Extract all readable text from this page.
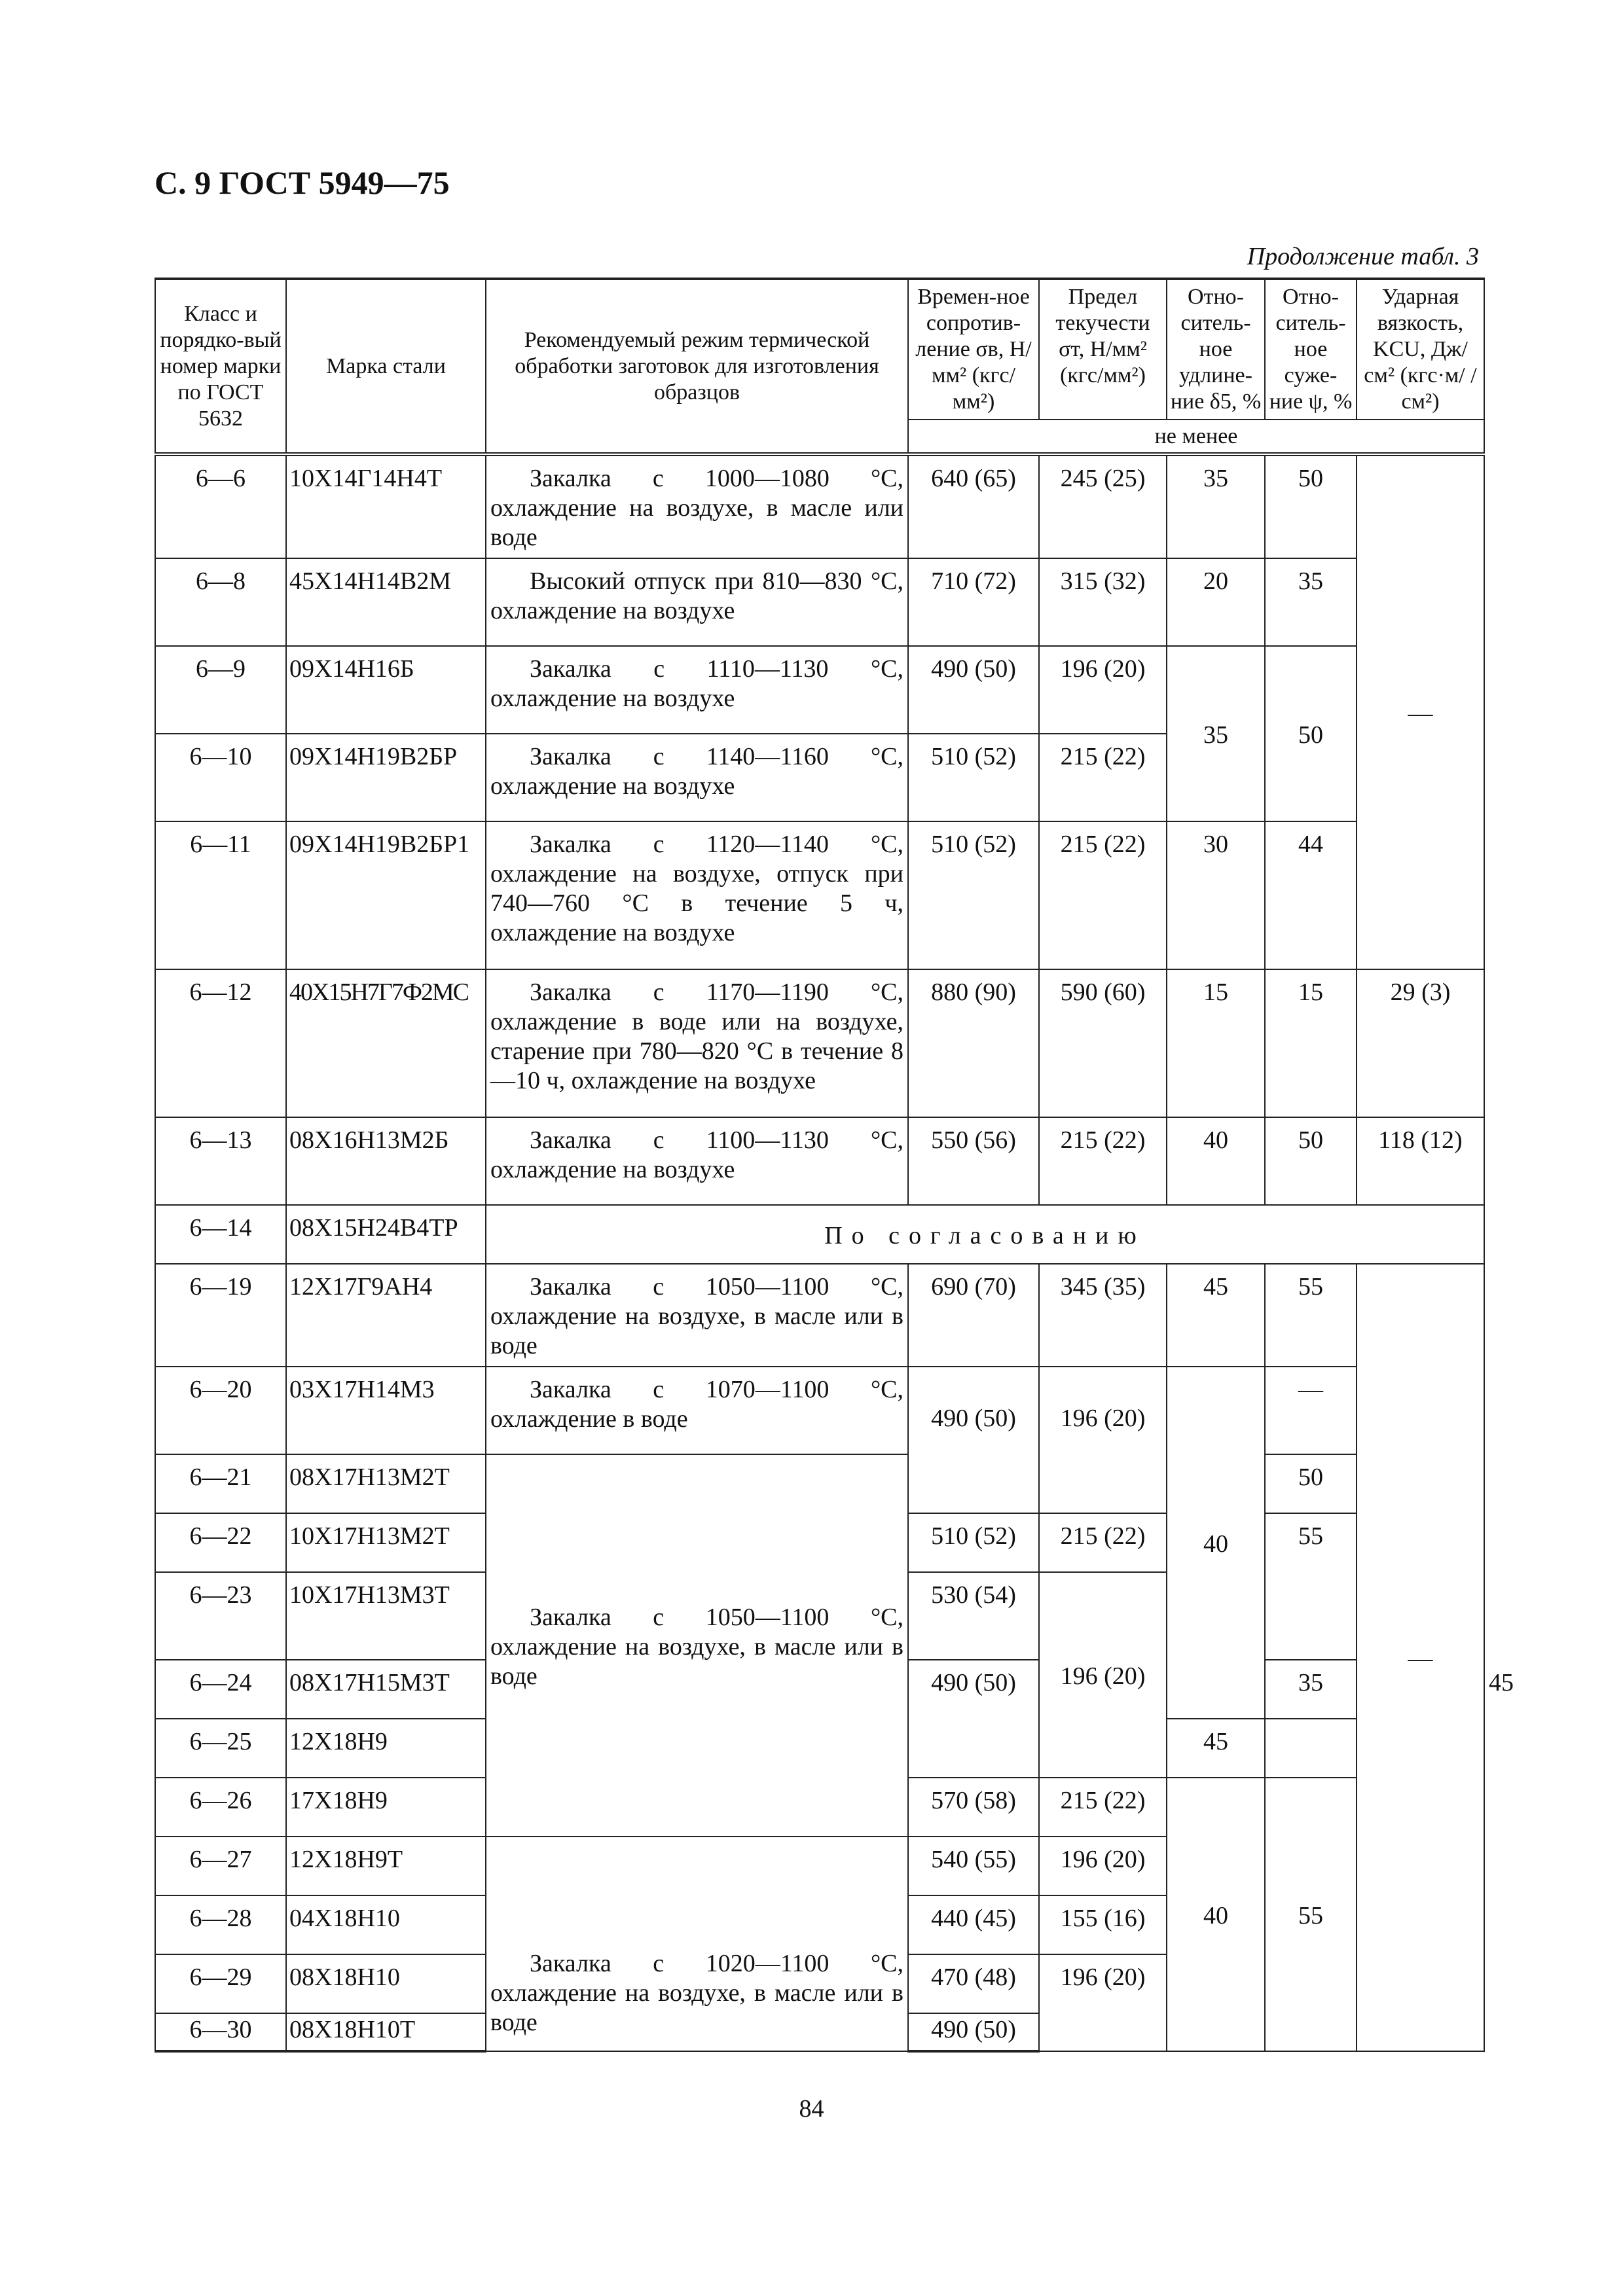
С. 9 ГОСТ 5949—75
Продолжение табл. 3
Класс и порядко-вый номер марки по ГОСТ 5632	Марка стали	Рекомендуемый режим термической обработки заготовок для изготовления образцов	Времен-ное сопротив-ление σв, Н/мм² (кгс/мм²)	Предел текучести σт, Н/мм² (кгс/мм²)	Отно-ситель-ное удлине-ние δ5, %	Отно-ситель-ное суже-ние ψ, %	Ударная вязкость, KCU, Дж/см² (кгс·м/ /см²)	
			не менее					
6—6	10Х14Г14Н4Т	Закалка с 1000—1080 °С, охлаждение на воздухе, в масле или воде	640 (65)	245 (25)	35	50	—	
6—8	45Х14Н14В2М	Высокий отпуск при 810—830 °С, охлаждение на воздухе	710 (72)	315 (32)	20	35		
6—9	09Х14Н16Б	Закалка с 1110—1130 °С, охлаждение на воздухе	490 (50)	196 (20)	35	50		
6—10	09Х14Н19В2БР	Закалка с 1140—1160 °С, охлаждение на воздухе	510 (52)	215 (22)				
6—11	09Х14Н19В2БР1	Закалка с 1120—1140 °С, охлаждение на воздухе, отпуск при 740—760 °С в течение 5 ч, охлаждение на воздухе	510 (52)	215 (22)	30	44		
6—12	40Х15Н7Г7Ф2МС	Закалка с 1170—1190 °С, охлаждение в воде или на воздухе, старение при 780—820 °С в течение 8—10 ч, охлаждение на воздухе	880 (90)	590 (60)	15	15	29 (3)	
6—13	08Х16Н13М2Б	Закалка с 1100—1130 °С, охлаждение на воздухе	550 (56)	215 (22)	40	50	118 (12)	
6—14	08Х15Н24В4ТР	По согласованию						
6—19	12Х17Г9АН4	Закалка с 1050—1100 °С, охлаждение на воздухе, в масле или в воде	690 (70)	345 (35)	45	55	—	
6—20	03Х17Н14М3	Закалка с 1070—1100 °С, охлаждение в воде	490 (50)	196 (20)	40	—		
6—21	08Х17Н13М2Т	Закалка с 1050—1100 °С, охлаждение на воздухе, в масле или в воде				50		
6—22	10Х17Н13М2Т		510 (52)	215 (22)		55		
6—23	10Х17Н13М3Т		530 (54)	196 (20)				
6—24	08Х17Н15М3Т		490 (50)			35		45
6—25	12Х18Н9				45			
6—26	17Х18Н9		570 (58)	215 (22)	40	55		
6—27	12Х18Н9Т	Закалка с 1020—1100 °С, охлаждение на воздухе, в масле или в воде	540 (55)	196 (20)				
6—28	04Х18Н10		440 (45)	155 (16)				
6—29	08Х18Н10		470 (48)	196 (20)				
6—30	08Х18Н10Т		490 (50)					
84
